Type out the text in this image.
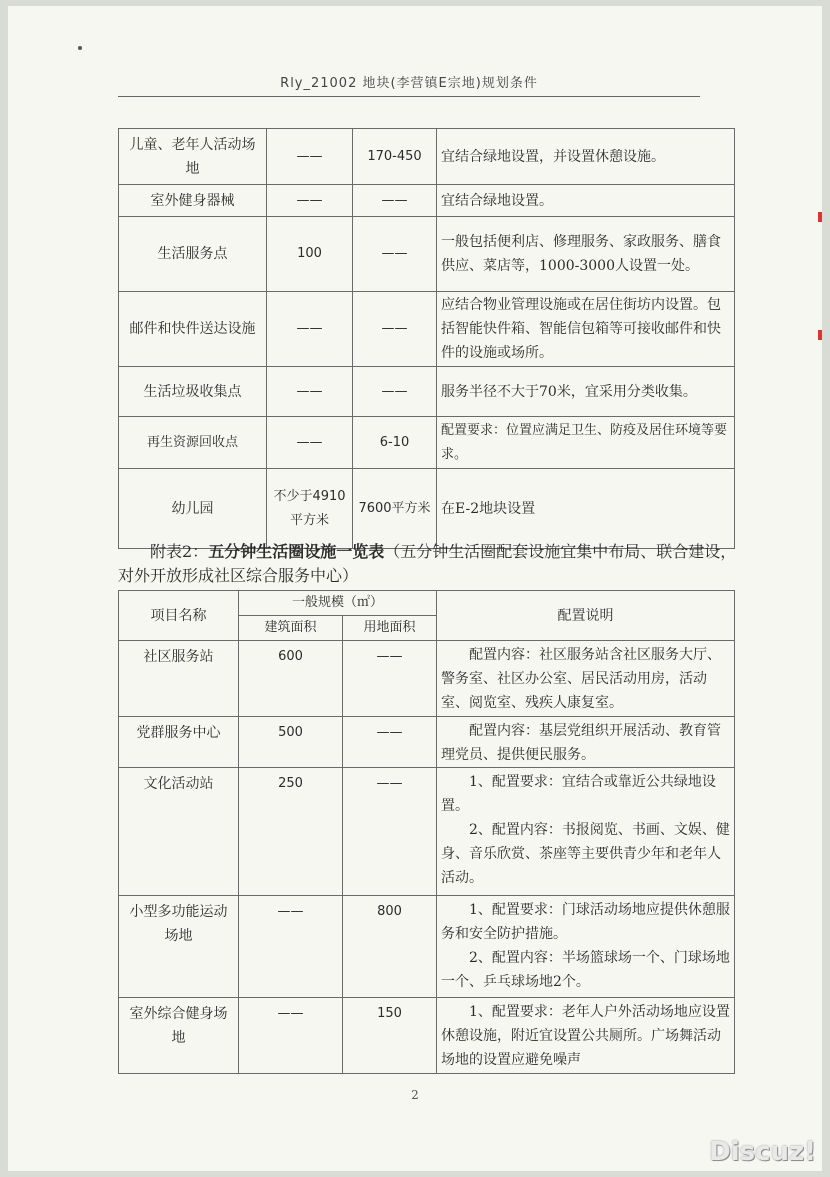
Rly_21002 地块(李营镇E宗地)规划条件
儿童、老年人活动场地	——	170-450	宜结合绿地设置，并设置休憩设施。
室外健身器械	——	——	宜结合绿地设置。
生活服务点	100	——	一般包括便利店、修理服务、家政服务、膳食供应、菜店等，1000-3000人设置一处。
邮件和快件送达设施	——	——	应结合物业管理设施或在居住街坊内设置。包括智能快件箱、智能信包箱等可接收邮件和快件的设施或场所。
生活垃圾收集点	——	——	服务半径不大于70米，宜采用分类收集。
再生资源回收点	——	6-10	配置要求：位置应满足卫生、防疫及居住环境等要求。
幼儿园	不少于4910平方米	7600平方米	在E-2地块设置
附表2：五分钟生活圈设施一览表（五分钟生活圈配套设施宜集中布局、联合建设，对外开放形成社区综合服务中心）
项目名称	一般规模（㎡）		配置说明
	建筑面积	用地面积	
社区服务站	600	——	配置内容：社区服务站含社区服务大厅、警务室、社区办公室、居民活动用房，活动室、阅览室、残疾人康复室。

党群服务中心	500	——	配置内容：基层党组织开展活动、教育管理党员、提供便民服务。

文化活动站	250	——	1、配置要求：宜结合或靠近公共绿地设置。
2、配置内容：书报阅览、书画、文娱、健身、音乐欣赏、茶座等主要供青少年和老年人活动。

小型多功能运动场地	——	800	1、配置要求：门球活动场地应提供休憩服务和安全防护措施。
2、配置内容：半场篮球场一个、门球场地一个、乒乓球场地2个。

室外综合健身场地	——	150	1、配置要求：老年人户外活动场地应设置休憩设施，附近宜设置公共厕所。广场舞活动场地的设置应避免噪声
2
Discuz!
